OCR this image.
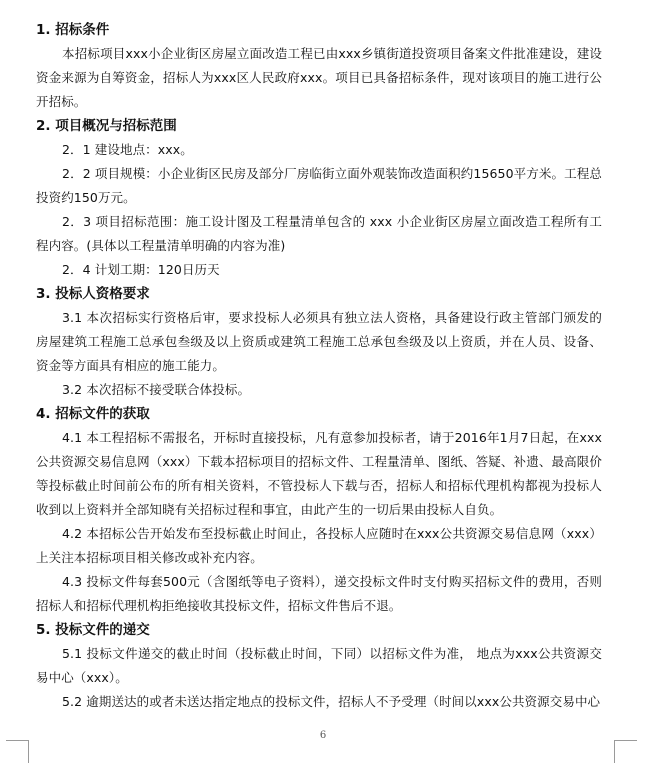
1. 招标条件
本招标项目xxx小企业街区房屋立面改造工程已由xxx乡镇街道投资项目备案文件批准建设，建设资金来源为自筹资金，招标人为xxx区人民政府xxx。项目已具备招标条件，现对该项目的施工进行公开招标。
2. 项目概况与招标范围
2．1 建设地点：xxx。
2．2 项目规模：小企业街区民房及部分厂房临街立面外观装饰改造面积约15650平方米。工程总投资约150万元。
2．3 项目招标范围：施工设计图及工程量清单包含的 xxx 小企业街区房屋立面改造工程所有工程内容。(具体以工程量清单明确的内容为准)
2．4 计划工期：120日历天
3. 投标人资格要求
3.1 本次招标实行资格后审，要求投标人必须具有独立法人资格，具备建设行政主管部门颁发的房屋建筑工程施工总承包叁级及以上资质或建筑工程施工总承包叁级及以上资质，并在人员、设备、资金等方面具有相应的施工能力。
3.2 本次招标不接受联合体投标。
4. 招标文件的获取
4.1 本工程招标不需报名，开标时直接投标，凡有意参加投标者，请于2016年1月7日起，在xxx公共资源交易信息网（xxx）下载本招标项目的招标文件、工程量清单、图纸、答疑、补遗、最高限价等投标截止时间前公布的所有相关资料，不管投标人下载与否，招标人和招标代理机构都视为投标人收到以上资料并全部知晓有关招标过程和事宜，由此产生的一切后果由投标人自负。
4.2 本招标公告开始发布至投标截止时间止，各投标人应随时在xxx公共资源交易信息网（xxx）上关注本招标项目相关修改或补充内容。
4.3 投标文件每套500元（含图纸等电子资料），递交投标文件时支付购买招标文件的费用，否则招标人和招标代理机构拒绝接收其投标文件，招标文件售后不退。
5. 投标文件的递交
5.1 投标文件递交的截止时间（投标截止时间，下同）以招标文件为准， 地点为xxx公共资源交易中心（xxx）。
5.2 逾期送达的或者未送达指定地点的投标文件，招标人不予受理（时间以xxx公共资源交易中心
6
